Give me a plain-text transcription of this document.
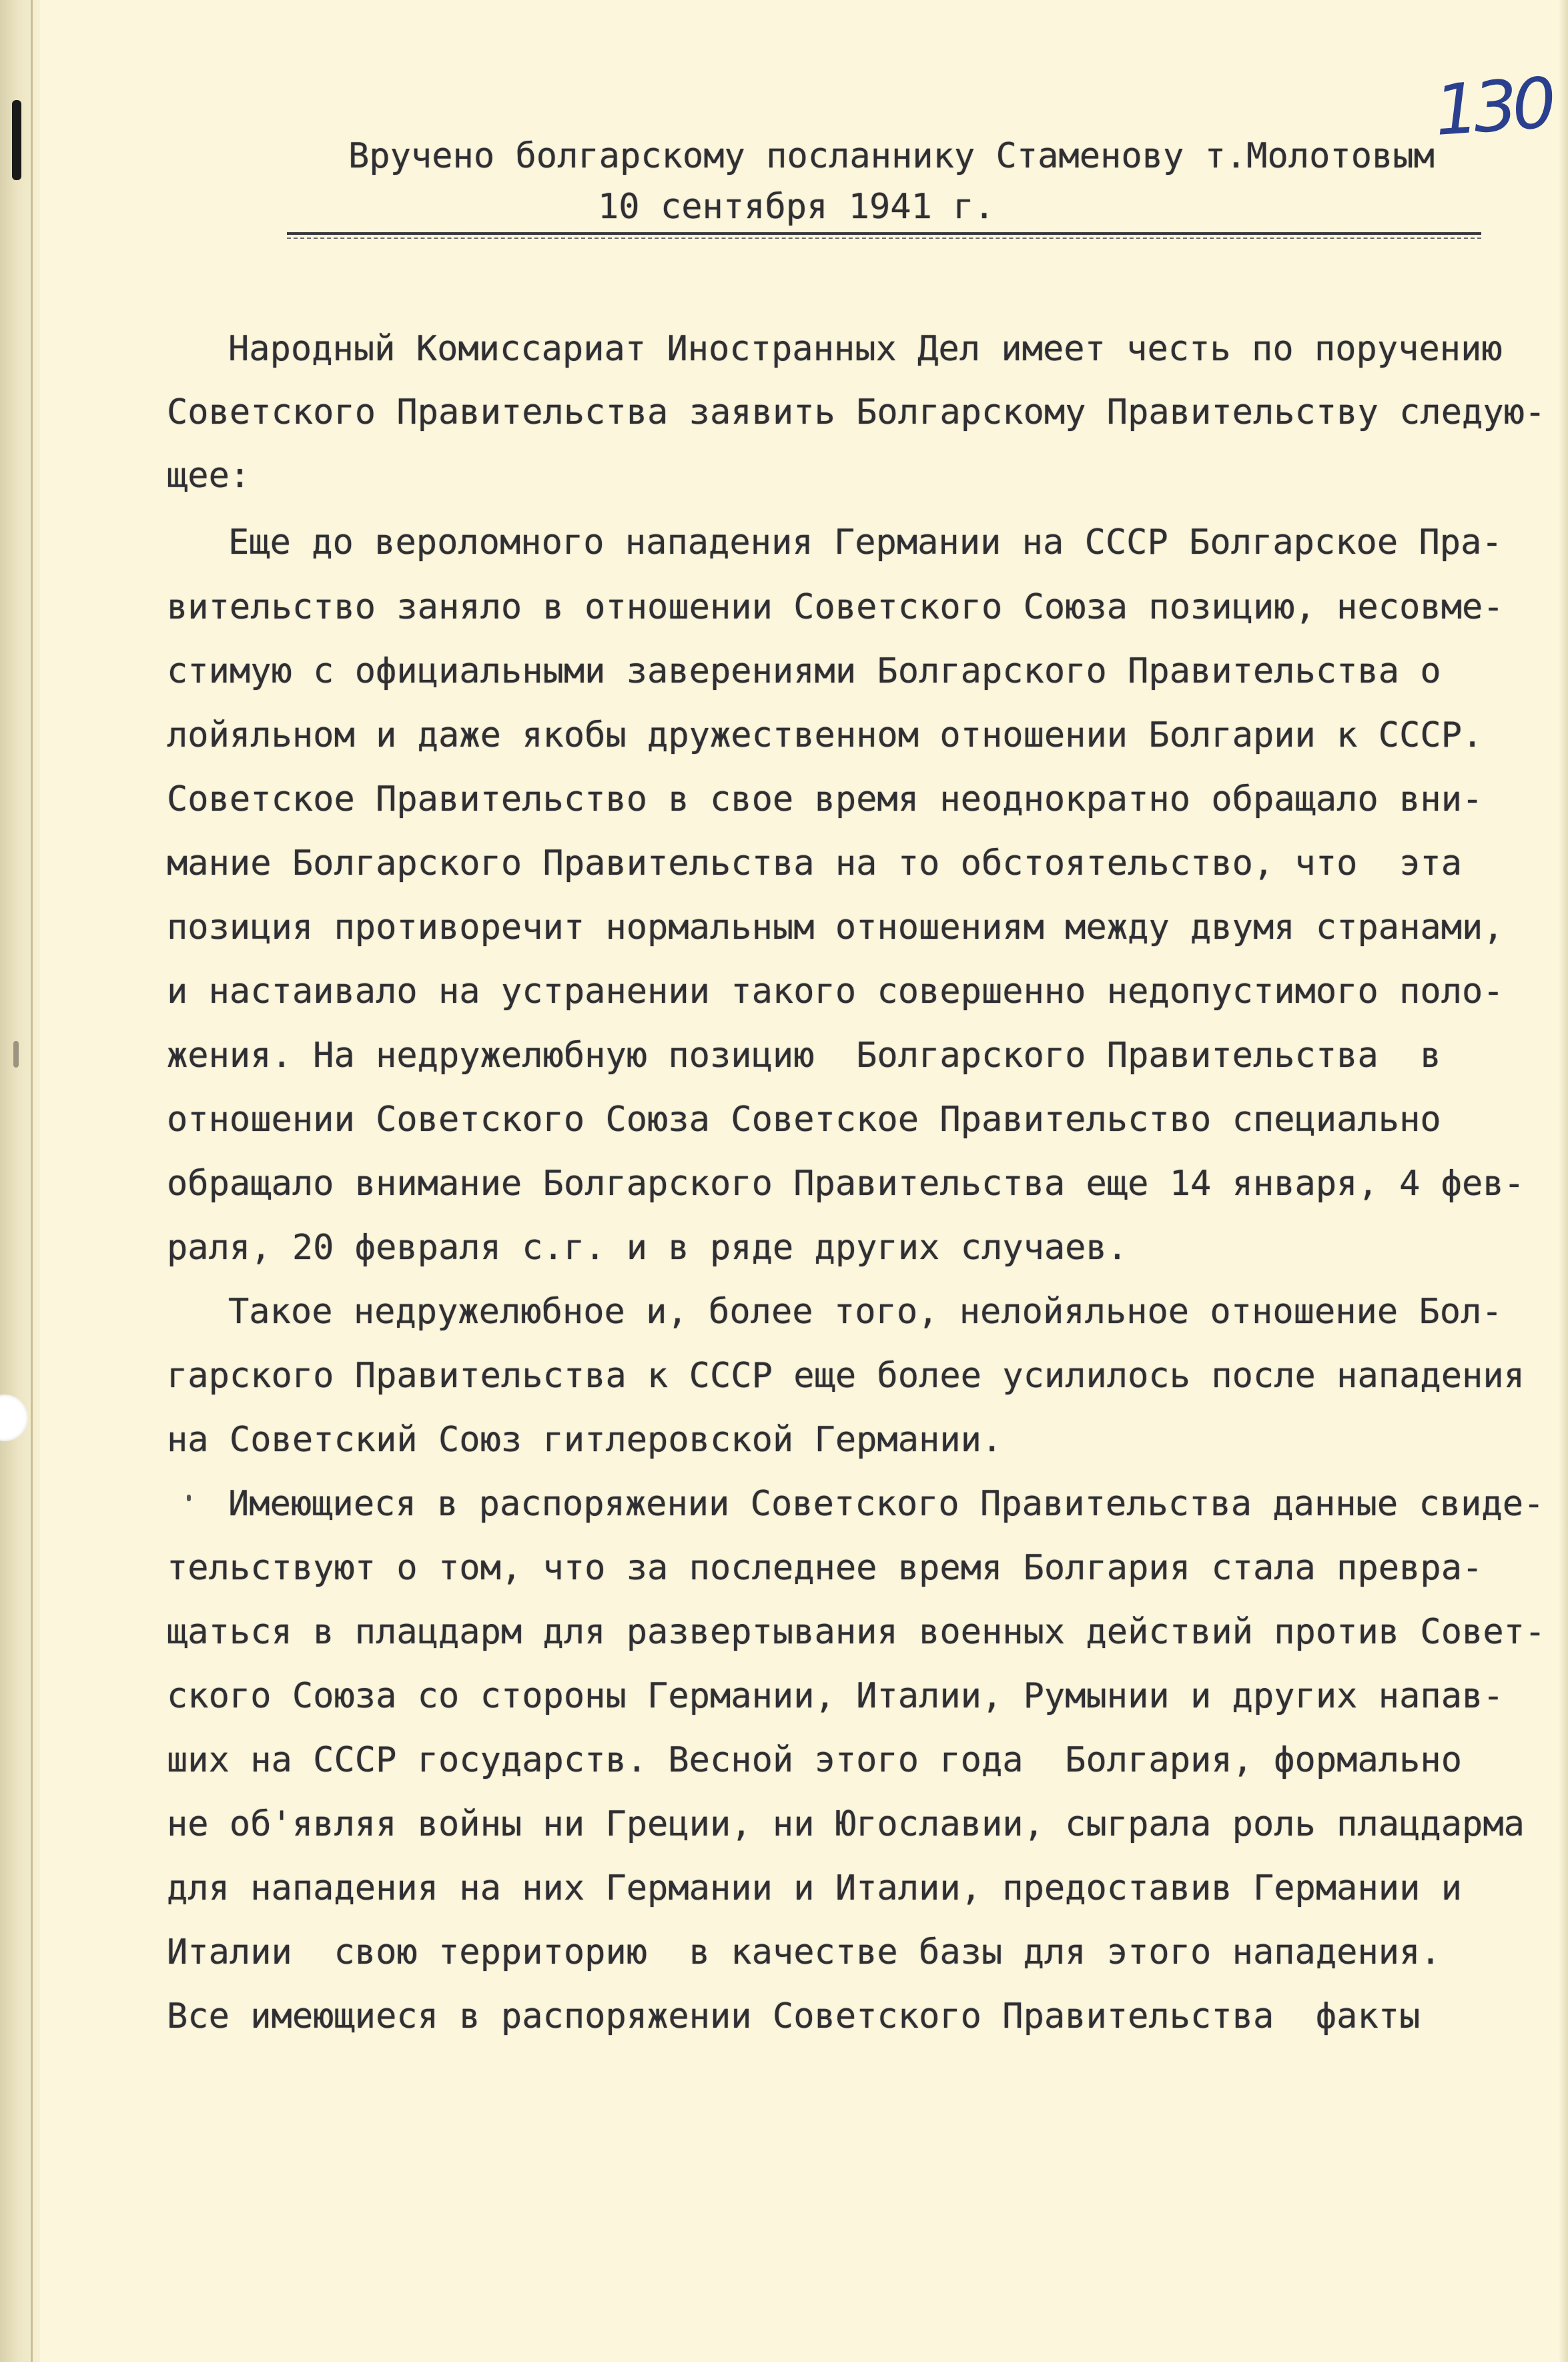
130

Вручено болгарскому посланнику Стаменову т.Молотовым

10 сентября 1941 г.

Народный Комиссариат Иностранных Дел имеет честь по поручению

Советского Правительства заявить Болгарскому Правительству следую-

щее:

Еще до вероломного нападения Германии на СССР Болгарское Пра-

вительство заняло в отношении Советского Союза позицию, несовме-

стимую с официальными заверениями Болгарского Правительства о

лойяльном и даже якобы дружественном отношении Болгарии к СССР.

Советское Правительство в свое время неоднократно обращало вни-

мание Болгарского Правительства на то обстоятельство, что  эта

позиция противоречит нормальным отношениям между двумя странами,

и настаивало на устранении такого совершенно недопустимого поло-

жения. На недружелюбную позицию  Болгарского Правительства  в

отношении Советского Союза Советское Правительство специально

обращало внимание Болгарского Правительства еще 14 января, 4 фев-

раля, 20 февраля с.г. и в ряде других случаев.

Такое недружелюбное и, более того, нелойяльное отношение Бол-

гарского Правительства к СССР еще более усилилось после нападения

на Советский Союз гитлеровской Германии.

Имеющиеся в распоряжении Советского Правительства данные свиде-

тельствуют о том, что за последнее время Болгария стала превра-

щаться в плацдарм для развертывания военных действий против Совет-

ского Союза со стороны Германии, Италии, Румынии и других напав-

ших на СССР государств. Весной этого года  Болгария, формально

не об'являя войны ни Греции, ни Югославии, сыграла роль плацдарма

для нападения на них Германии и Италии, предоставив Германии и

Италии  свою территорию  в качестве базы для этого нападения.

Все имеющиеся в распоряжении Советского Правительства  факты
